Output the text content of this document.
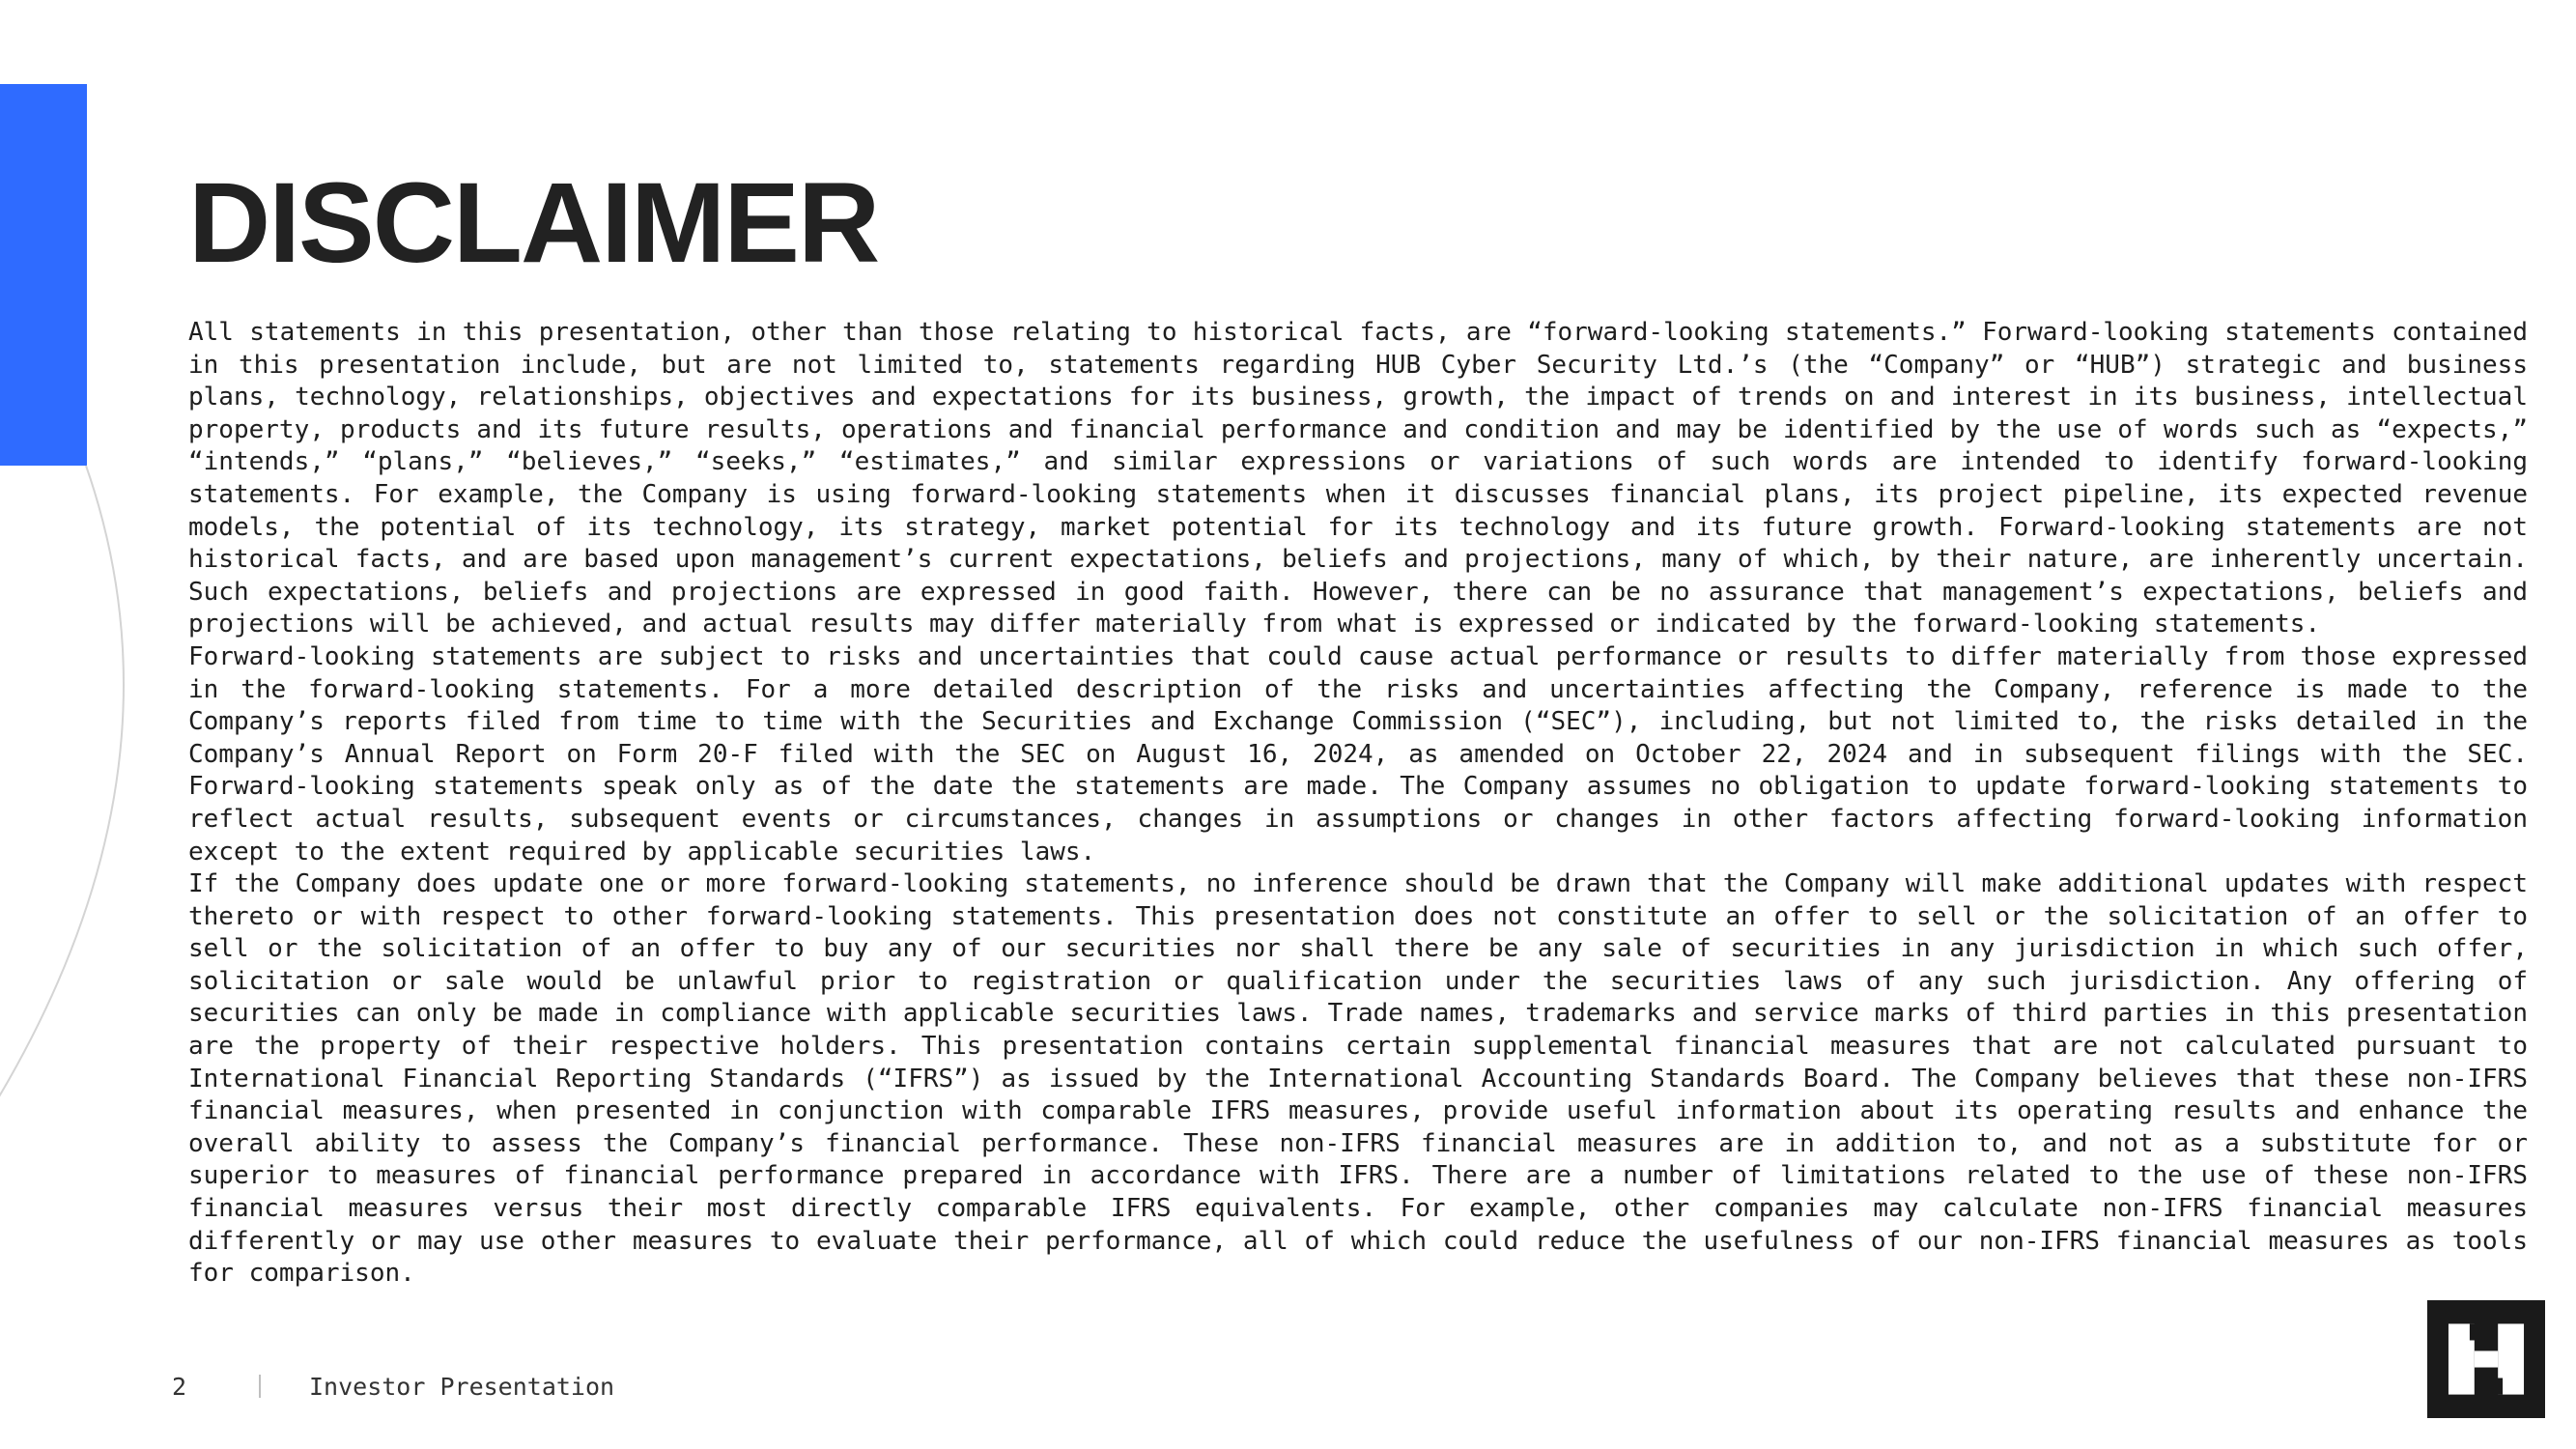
DISCLAIMER

All statements in this presentation, other than those relating to historical facts, are “forward-looking statements.” Forward-looking statements contained in this presentation include, but are not limited to, statements regarding HUB Cyber Security Ltd.’s (the “Company” or “HUB”) strategic and business plans, technology, relationships, objectives and expectations for its business, growth, the impact of trends on and interest in its business, intellectual property, products and its future results, operations and financial performance and condition and may be identified by the use of words such as “expects,” “intends,” “plans,” “believes,” “seeks,” “estimates,” and similar expressions or variations of such words are intended to identify forward-looking statements. For example, the Company is using forward-looking statements when it discusses financial plans, its project pipeline, its expected revenue models, the potential of its technology, its strategy, market potential for its technology and its future growth. Forward-looking statements are not historical facts, and are based upon management’s current expectations, beliefs and projections, many of which, by their nature, are inherently uncertain. Such expectations, beliefs and projections are expressed in good faith. However, there can be no assurance that management’s expectations, beliefs and projections will be achieved, and actual results may differ materially from what is expressed or indicated by the forward-looking statements.

Forward-looking statements are subject to risks and uncertainties that could cause actual performance or results to differ materially from those expressed in the forward-looking statements. For a more detailed description of the risks and uncertainties affecting the Company, reference is made to the Company’s reports filed from time to time with the Securities and Exchange Commission (“SEC”), including, but not limited to, the risks detailed in the Company’s Annual Report on Form 20-F filed with the SEC on August 16, 2024, as amended on October 22, 2024 and in subsequent filings with the SEC. Forward-looking statements speak only as of the date the statements are made. The Company assumes no obligation to update forward-looking statements to reflect actual results, subsequent events or circumstances, changes in assumptions or changes in other factors affecting forward-looking information except to the extent required by applicable securities laws.

If the Company does update one or more forward-looking statements, no inference should be drawn that the Company will make additional updates with respect thereto or with respect to other forward-looking statements. This presentation does not constitute an offer to sell or the solicitation of an offer to sell or the solicitation of an offer to buy any of our securities nor shall there be any sale of securities in any jurisdiction in which such offer, solicitation or sale would be unlawful prior to registration or qualification under the securities laws of any such jurisdiction. Any offering of securities can only be made in compliance with applicable securities laws. Trade names, trademarks and service marks of third parties in this presentation are the property of their respective holders. This presentation contains certain supplemental financial measures that are not calculated pursuant to International Financial Reporting Standards (“IFRS”) as issued by the International Accounting Standards Board. The Company believes that these non-IFRS financial measures, when presented in conjunction with comparable IFRS measures, provide useful information about its operating results and enhance the overall ability to assess the Company’s financial performance. These non-IFRS financial measures are in addition to, and not as a substitute for or superior to measures of financial performance prepared in accordance with IFRS. There are a number of limitations related to the use of these non-IFRS financial measures versus their most directly comparable IFRS equivalents. For example, other companies may calculate non-IFRS financial measures differently or may use other measures to evaluate their performance, all of which could reduce the usefulness of our non-IFRS financial measures as tools for comparison.

2	Investor Presentation
